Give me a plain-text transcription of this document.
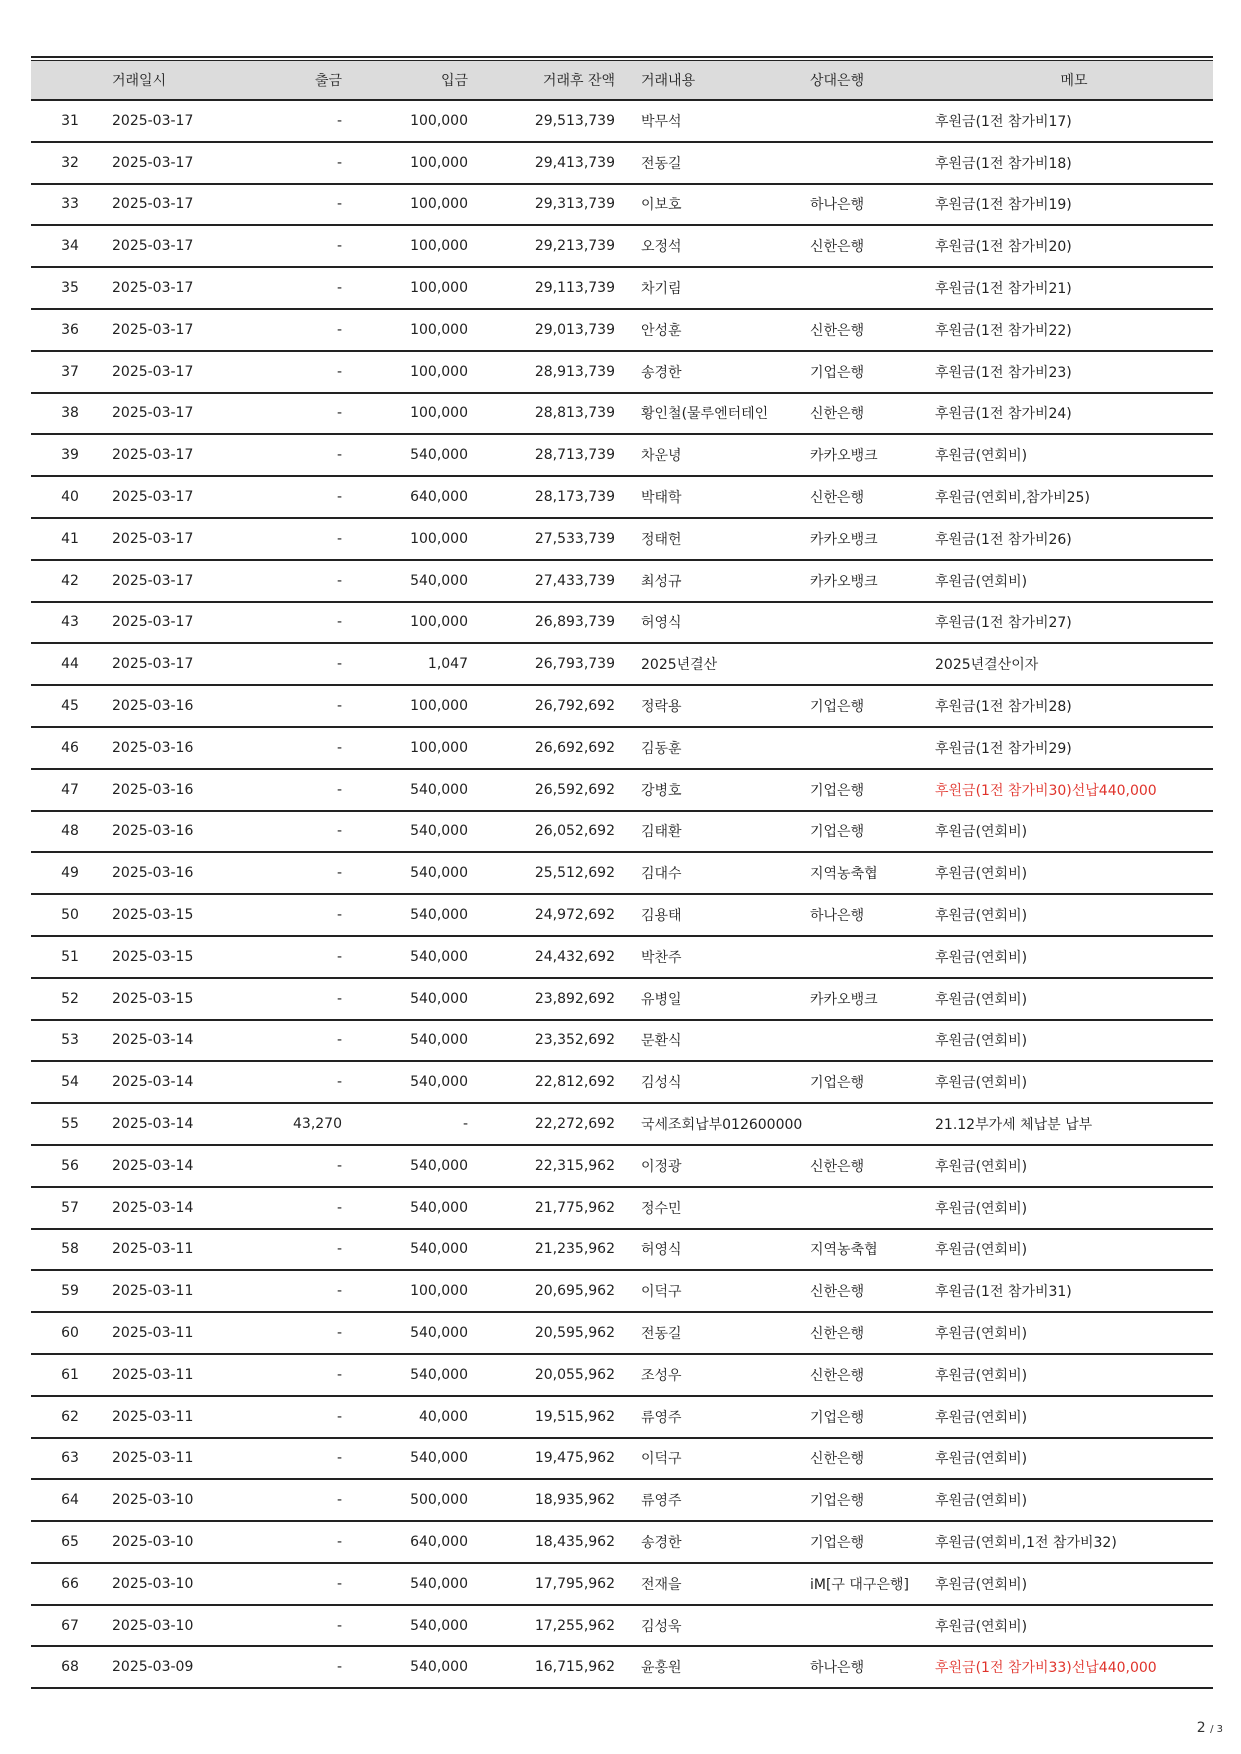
	거래일시	출금	입금	거래후 잔액	거래내용	상대은행	메모
31	2025-03-17	-	100,000	29,513,739	박무석		후원금(1전 참가비17)
32	2025-03-17	-	100,000	29,413,739	전동길		후원금(1전 참가비18)
33	2025-03-17	-	100,000	29,313,739	이보호	하나은행	후원금(1전 참가비19)
34	2025-03-17	-	100,000	29,213,739	오정석	신한은행	후원금(1전 참가비20)
35	2025-03-17	-	100,000	29,113,739	차기림		후원금(1전 참가비21)
36	2025-03-17	-	100,000	29,013,739	안성훈	신한은행	후원금(1전 참가비22)
37	2025-03-17	-	100,000	28,913,739	송경한	기업은행	후원금(1전 참가비23)
38	2025-03-17	-	100,000	28,813,739	황인철(물루엔터테인	신한은행	후원금(1전 참가비24)
39	2025-03-17	-	540,000	28,713,739	차운녕	카카오뱅크	후원금(연회비)
40	2025-03-17	-	640,000	28,173,739	박태학	신한은행	후원금(연회비,참가비25)
41	2025-03-17	-	100,000	27,533,739	정태헌	카카오뱅크	후원금(1전 참가비26)
42	2025-03-17	-	540,000	27,433,739	최성규	카카오뱅크	후원금(연회비)
43	2025-03-17	-	100,000	26,893,739	허영식		후원금(1전 참가비27)
44	2025-03-17	-	1,047	26,793,739	2025년결산		2025년결산이자
45	2025-03-16	-	100,000	26,792,692	정락용	기업은행	후원금(1전 참가비28)
46	2025-03-16	-	100,000	26,692,692	김동훈		후원금(1전 참가비29)
47	2025-03-16	-	540,000	26,592,692	강병호	기업은행	후원금(1전 참가비30)선납440,000
48	2025-03-16	-	540,000	26,052,692	김태환	기업은행	후원금(연회비)
49	2025-03-16	-	540,000	25,512,692	김대수	지역농축협	후원금(연회비)
50	2025-03-15	-	540,000	24,972,692	김용태	하나은행	후원금(연회비)
51	2025-03-15	-	540,000	24,432,692	박찬주		후원금(연회비)
52	2025-03-15	-	540,000	23,892,692	유병일	카카오뱅크	후원금(연회비)
53	2025-03-14	-	540,000	23,352,692	문환식		후원금(연회비)
54	2025-03-14	-	540,000	22,812,692	김성식	기업은행	후원금(연회비)
55	2025-03-14	43,270	-	22,272,692	국세조회납부012600000		21.12부가세 체납분 납부
56	2025-03-14	-	540,000	22,315,962	이정광	신한은행	후원금(연회비)
57	2025-03-14	-	540,000	21,775,962	정수민		후원금(연회비)
58	2025-03-11	-	540,000	21,235,962	허영식	지역농축협	후원금(연회비)
59	2025-03-11	-	100,000	20,695,962	이덕구	신한은행	후원금(1전 참가비31)
60	2025-03-11	-	540,000	20,595,962	전동길	신한은행	후원금(연회비)
61	2025-03-11	-	540,000	20,055,962	조성우	신한은행	후원금(연회비)
62	2025-03-11	-	40,000	19,515,962	류영주	기업은행	후원금(연회비)
63	2025-03-11	-	540,000	19,475,962	이덕구	신한은행	후원금(연회비)
64	2025-03-10	-	500,000	18,935,962	류영주	기업은행	후원금(연회비)
65	2025-03-10	-	640,000	18,435,962	송경한	기업은행	후원금(연회비,1전 참가비32)
66	2025-03-10	-	540,000	17,795,962	전재을	iM[구 대구은행]	후원금(연회비)
67	2025-03-10	-	540,000	17,255,962	김성욱		후원금(연회비)
68	2025-03-09	-	540,000	16,715,962	윤홍원	하나은행	후원금(1전 참가비33)선납440,000
2 / 3
